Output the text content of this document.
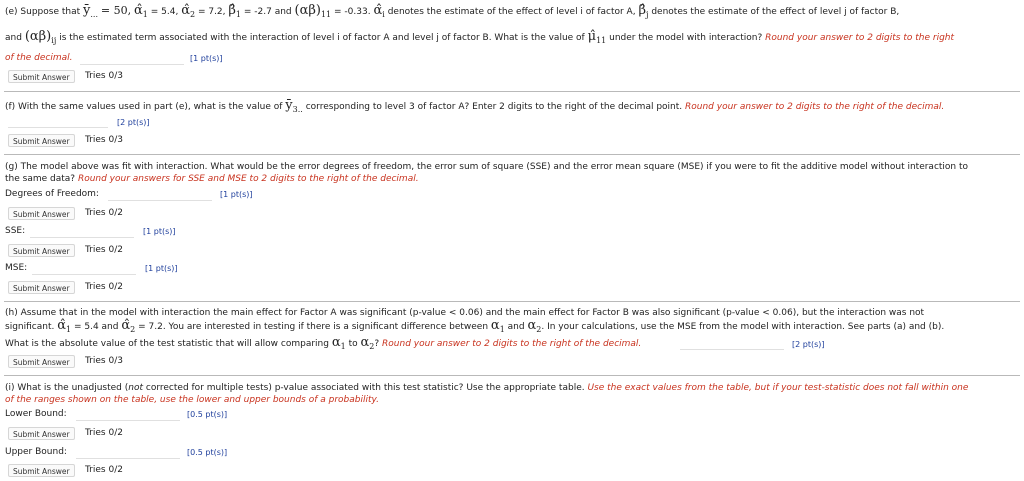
(e) Suppose that $ȳ_{...} = 50$, $\alphâ_1 = 5.4$, $\alphâ_2 = 7.2$, $\betâ_1 = -2.7$ and $(\alpha\beta)_{11} = -0.33$. $\alphâ_i$ denotes the estimate of the effect of level i of factor A, $\betâ_j$ denotes the estimate of the effect of level j of factor B,
and $(\alpha\beta)_{ij}$ is the estimated term associated with the interaction of level i of factor A and level j of factor B. What is the value of $\mû_{11}$ under the model with interaction? Round your answer to 2 digits to the right
of the decimal.	[1 pt(s)]
Submit Answer	Tries 0/3
(f) With the same values used in part (e), what is the value of $ȳ_{3..}$ corresponding to level 3 of factor A? Enter 2 digits to the right of the decimal point. Round your answer to 2 digits to the right of the decimal.
[2 pt(s)]
Submit Answer	Tries 0/3
(g) The model above was fit with interaction. What would be the error degrees of freedom, the error sum of square (SSE) and the error mean square (MSE) if you were to fit the additive model without interaction to
the same data? Round your answers for SSE and MSE to 2 digits to the right of the decimal.
Degrees of Freedom:	[1 pt(s)]
Submit Answer	Tries 0/2
SSE:	[1 pt(s)]
Submit Answer	Tries 0/2
MSE:	[1 pt(s)]
Submit Answer	Tries 0/2
(h) Assume that in the model with interaction the main effect for Factor A was significant (p-value < 0.06) and the main effect for Factor B was also significant (p-value < 0.06), but the interaction was not
significant. $\alphâ_1 = 5.4$ and $\alphâ_2 = 7.2$. You are interested in testing if there is a significant difference between $\alpha_1$ and $\alpha_2$. In your calculations, use the MSE from the model with interaction. See parts (a) and (b).
What is the absolute value of the test statistic that will allow comparing $\alpha_1$ to $\alpha_2$? Round your answer to 2 digits to the right of the decimal.	[2 pt(s)]
Submit Answer	Tries 0/3
(i) What is the unadjusted (not corrected for multiple tests) p-value associated with this test statistic? Use the appropriate table. Use the exact values from the table, but if your test-statistic does not fall within one
of the ranges shown on the table, use the lower and upper bounds of a probability.
Lower Bound:	[0.5 pt(s)]
Submit Answer	Tries 0/2
Upper Bound:	[0.5 pt(s)]
Submit Answer	Tries 0/2
